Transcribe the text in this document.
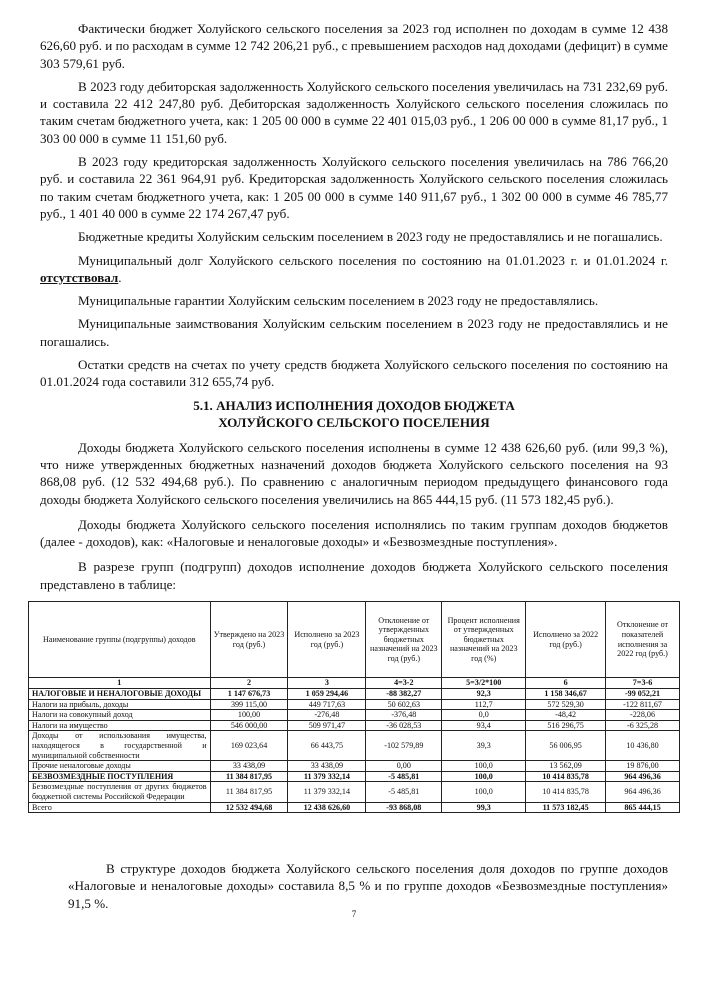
Фактически бюджет Холуйского сельского поселения за 2023 год исполнен по доходам в сумме 12 438 626,60 руб. и по расходам в сумме 12 742 206,21 руб., с превышением расходов над доходами (дефицит) в сумме 303 579,61 руб.

В 2023 году дебиторская задолженность Холуйского сельского поселения увеличилась на 731 232,69 руб. и составила 22 412 247,80 руб. Дебиторская задолженность Холуйского сельского поселения сложилась по таким счетам бюджетного учета, как: 1 205 00 000 в сумме 22 401 015,03 руб., 1 206 00 000 в сумме 81,17 руб., 1 303 00 000 в сумме 11 151,60 руб.

В 2023 году кредиторская задолженность Холуйского сельского поселения увеличилась на 786 766,20 руб. и составила 22 361 964,91 руб. Кредиторская задолженность Холуйского сельского поселения сложилась по таким счетам бюджетного учета, как: 1 205 00 000 в сумме 140 911,67 руб., 1 302 00 000 в сумме 46 785,77 руб., 1 401 40 000 в сумме 22 174 267,47 руб.

Бюджетные кредиты Холуйским сельским поселением в 2023 году не предоставлялись и не погашались.

Муниципальный долг Холуйского сельского поселения по состоянию на 01.01.2023 г. и 01.01.2024 г. отсутствовал.

Муниципальные гарантии Холуйским сельским поселением в 2023 году не предоставлялись.

Муниципальные заимствования Холуйским сельским поселением в 2023 году не предоставлялись и не погашались.

Остатки средств на счетах по учету средств бюджета Холуйского сельского поселения по состоянию на 01.01.2024 года составили 312 655,74 руб.

5.1. АНАЛИЗ ИСПОЛНЕНИЯ ДОХОДОВ БЮДЖЕТА
ХОЛУЙСКОГО СЕЛЬСКОГО ПОСЕЛЕНИЯ

Доходы бюджета Холуйского сельского поселения исполнены в сумме 12 438 626,60 руб. (или 99,3 %), что ниже утвержденных бюджетных назначений доходов бюджета Холуйского сельского поселения на 93 868,08 руб. (12 532 494,68 руб.). По сравнению с аналогичным периодом предыдущего финансового года доходы бюджета Холуйского сельского поселения увеличились на 865 444,15 руб. (11 573 182,45 руб.).

Доходы бюджета Холуйского сельского поселения исполнялись по таким группам доходов бюджетов (далее - доходов), как: «Налоговые и неналоговые доходы» и «Безвозмездные поступления».

В разрезе групп (подгрупп) доходов исполнение доходов бюджета Холуйского сельского поселения представлено в таблице:

Наименование группы (подгруппы) доходов	Утверждено на 2023 год (руб.)	Исполнено за 2023 год (руб.)	Отклонение от утвержденных бюджетных назначений на 2023 год (руб.)	Процент исполнения от утвержденных бюджетных назначений на 2023 год (%)	Исполнено за 2022 год (руб.)	Отклонение от показателей исполнения за 2022 год (руб.)
1	2	3	4=3-2	5=3/2*100	6	7=3-6
НАЛОГОВЫЕ И НЕНАЛОГОВЫЕ ДОХОДЫ	1 147 676,73	1 059 294,46	-88 382,27	92,3	1 158 346,67	-99 052,21
Налоги на прибыль, доходы	399 115,00	449 717,63	50 602,63	112,7	572 529,30	-122 811,67
Налоги на совокупный доход	100,00	-276,48	-376,48	0,0	-48,42	-228,06
Налоги на имущество	546 000,00	509 971,47	-36 028,53	93,4	516 296,75	-6 325,28
Доходы от использования имущества, находящегося в государственной и муниципальной собственности	169 023,64	66 443,75	-102 579,89	39,3	56 006,95	10 436,80
Прочие неналоговые доходы	33 438,09	33 438,09	0,00	100,0	13 562,09	19 876,00
БЕЗВОЗМЕЗДНЫЕ ПОСТУПЛЕНИЯ	11 384 817,95	11 379 332,14	-5 485,81	100,0	10 414 835,78	964 496,36
Безвозмездные поступления от других бюджетов бюджетной системы Российской Федерации	11 384 817,95	11 379 332,14	-5 485,81	100,0	10 414 835,78	964 496,36
Всего	12 532 494,68	12 438 626,60	-93 868,08	99,3	11 573 182,45	865 444,15

В структуре доходов бюджета Холуйского сельского поселения доля доходов по группе доходов «Налоговые и неналоговые доходы» составила 8,5 % и по группе доходов «Безвозмездные поступления» 91,5 %.

7
